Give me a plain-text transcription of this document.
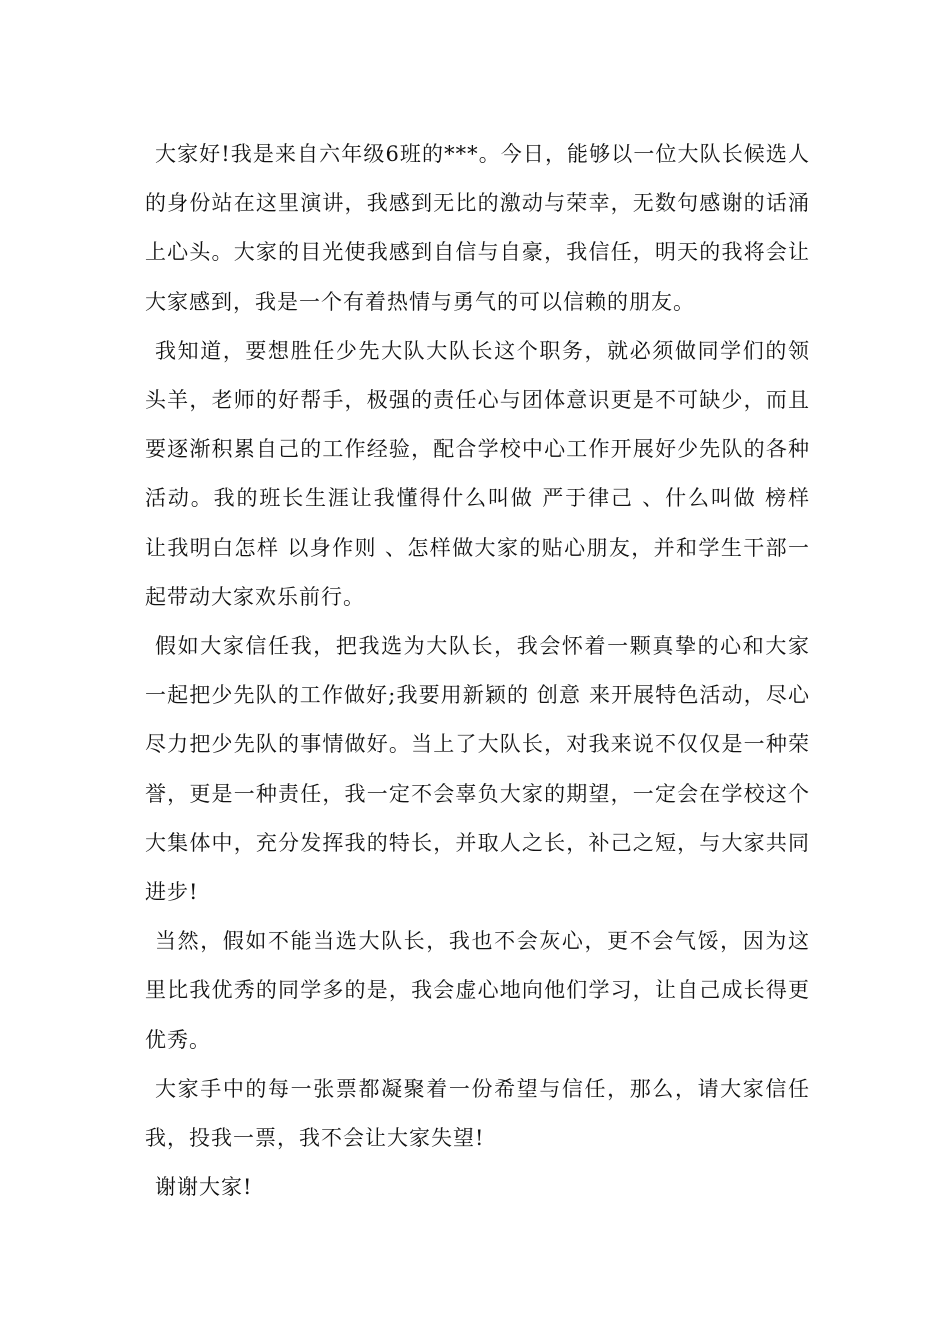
大家好!我是来自六年级6班的***。今日，能够以一位大队长候选人的身份站在这里演讲，我感到无比的激动与荣幸，无数句感谢的话涌上心头。大家的目光使我感到自信与自豪，我信任，明天的我将会让大家感到，我是一个有着热情与勇气的可以信赖的朋友。

我知道，要想胜任少先大队大队长这个职务，就必须做同学们的领头羊，老师的好帮手，极强的责任心与团体意识更是不可缺少，而且要逐渐积累自己的工作经验，配合学校中心工作开展好少先队的各种活动。我的班长生涯让我懂得什么叫做 严于律己 、什么叫做 榜样 让我明白怎样 以身作则 、怎样做大家的贴心朋友，并和学生干部一起带动大家欢乐前行。

假如大家信任我，把我选为大队长，我会怀着一颗真挚的心和大家一起把少先队的工作做好;我要用新颖的 创意 来开展特色活动，尽心尽力把少先队的事情做好。当上了大队长，对我来说不仅仅是一种荣誉，更是一种责任，我一定不会辜负大家的期望，一定会在学校这个大集体中，充分发挥我的特长，并取人之长，补己之短，与大家共同进步!

当然，假如不能当选大队长，我也不会灰心，更不会气馁，因为这里比我优秀的同学多的是，我会虚心地向他们学习，让自己成长得更优秀。

大家手中的每一张票都凝聚着一份希望与信任，那么，请大家信任我，投我一票，我不会让大家失望!

谢谢大家!
